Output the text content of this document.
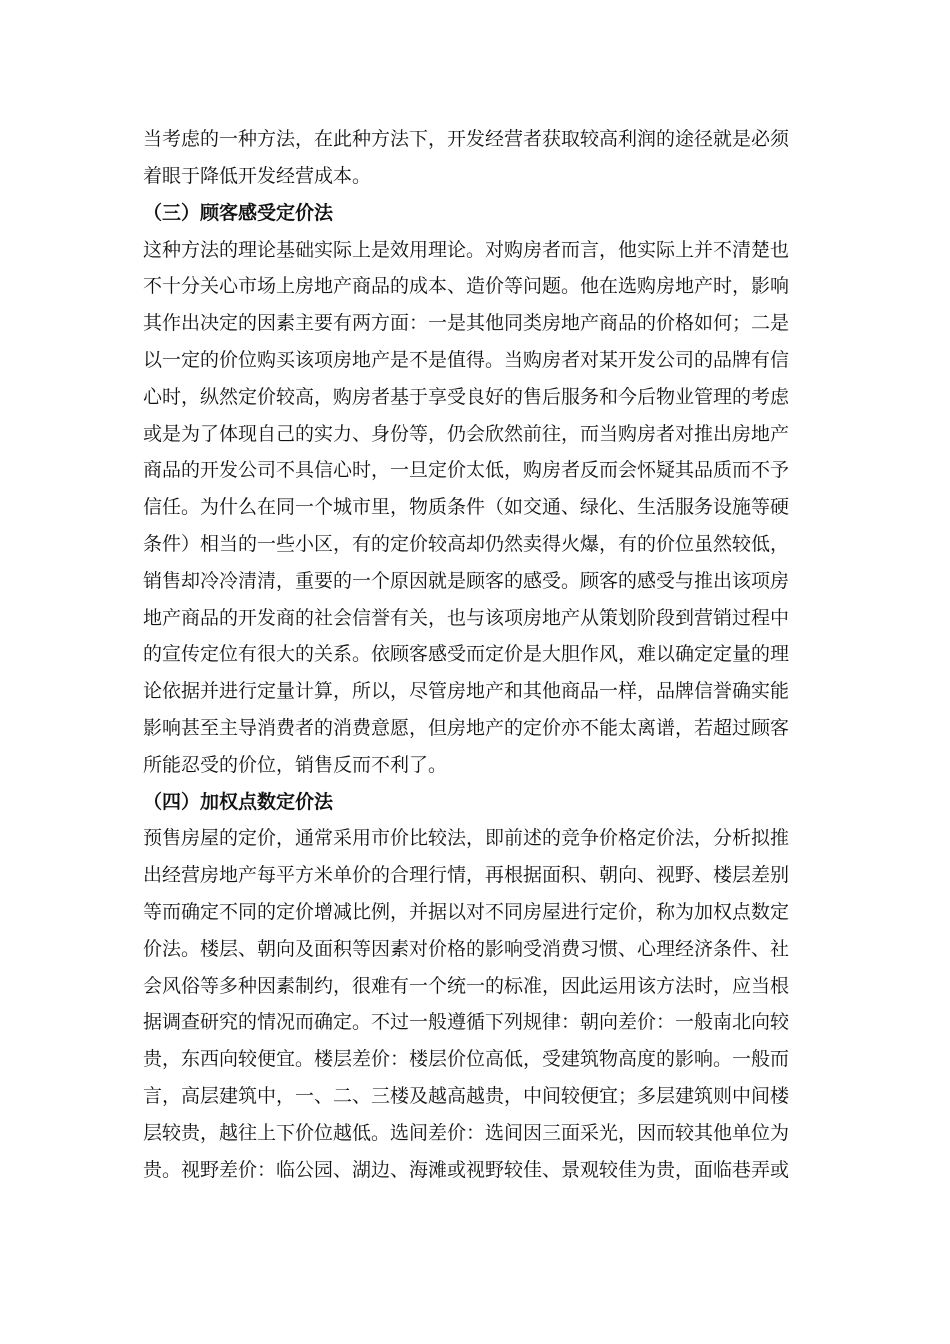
当考虑的一种方法，在此种方法下，开发经营者获取较高利润的途径就是必须
着眼于降低开发经营成本。
（三）顾客感受定价法
这种方法的理论基础实际上是效用理论。对购房者而言，他实际上并不清楚也
不十分关心市场上房地产商品的成本、造价等问题。他在选购房地产时，影响
其作出决定的因素主要有两方面：一是其他同类房地产商品的价格如何；二是
以一定的价位购买该项房地产是不是值得。当购房者对某开发公司的品牌有信
心时，纵然定价较高，购房者基于享受良好的售后服务和今后物业管理的考虑
或是为了体现自己的实力、身份等，仍会欣然前往，而当购房者对推出房地产
商品的开发公司不具信心时，一旦定价太低，购房者反而会怀疑其品质而不予
信任。为什么在同一个城市里，物质条件（如交通、绿化、生活服务设施等硬
条件）相当的一些小区，有的定价较高却仍然卖得火爆，有的价位虽然较低，
销售却冷冷清清，重要的一个原因就是顾客的感受。顾客的感受与推出该项房
地产商品的开发商的社会信誉有关，也与该项房地产从策划阶段到营销过程中
的宣传定位有很大的关系。依顾客感受而定价是大胆作风，难以确定定量的理
论依据并进行定量计算，所以，尽管房地产和其他商品一样，品牌信誉确实能
影响甚至主导消费者的消费意愿，但房地产的定价亦不能太离谱，若超过顾客
所能忍受的价位，销售反而不利了。
（四）加权点数定价法
预售房屋的定价，通常采用市价比较法，即前述的竞争价格定价法，分析拟推
出经营房地产每平方米单价的合理行情，再根据面积、朝向、视野、楼层差别
等而确定不同的定价增减比例，并据以对不同房屋进行定价，称为加权点数定
价法。楼层、朝向及面积等因素对价格的影响受消费习惯、心理经济条件、社
会风俗等多种因素制约，很难有一个统一的标准，因此运用该方法时，应当根
据调查研究的情况而确定。不过一般遵循下列规律：朝向差价：一般南北向较
贵，东西向较便宜。楼层差价：楼层价位高低，受建筑物高度的影响。一般而
言，高层建筑中，一、二、三楼及越高越贵，中间较便宜；多层建筑则中间楼
层较贵，越往上下价位越低。选间差价：选间因三面采光，因而较其他单位为
贵。视野差价：临公园、湖边、海滩或视野较佳、景观较佳为贵，面临巷弄或
